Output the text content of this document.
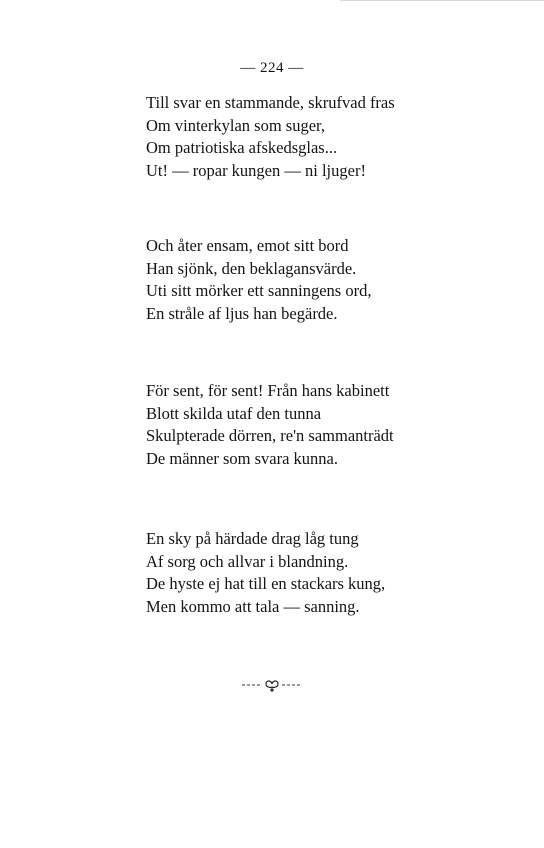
— 224 —
Till svar en stammande, skrufvad fras
Om vinterkylan som suger,
Om patriotiska afskedsglas...
Ut! — ropar kungen — ni ljuger!
Och åter ensam, emot sitt bord
Han sjönk, den beklagansvärde.
Uti sitt mörker ett sanningens ord,
En stråle af ljus han begärde.
För sent, för sent! Från hans kabinett
Blott skilda utaf den tunna
Skulpterade dörren, re'n sammanträdt
De männer som svara kunna.
En sky på härdade drag låg tung
Af sorg och allvar i blandning.
De hyste ej hat till en stackars kung,
Men kommo att tala — sanning.
